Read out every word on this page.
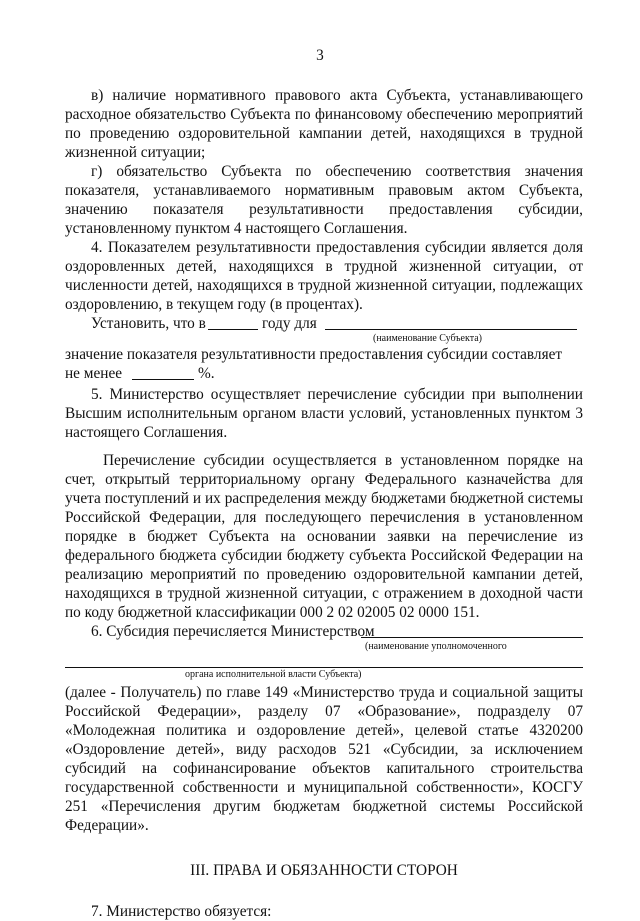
3

в) наличие нормативного правового акта Субъекта, устанавливающего расходное обязательство Субъекта по финансовому обеспечению мероприятий по проведению оздоровительной кампании детей, находящихся в трудной жизненной ситуации;

г) обязательство Субъекта по обеспечению соответствия значения показателя, устанавливаемого нормативным правовым актом Субъекта, значению показателя результативности предоставления субсидии, установленному пунктом 4 настоящего Соглашения.

4. Показателем результативности предоставления субсидии является доля оздоровленных детей, находящихся в трудной жизненной ситуации, от численности детей, находящихся в трудной жизненной ситуации, подлежащих оздоровлению, в текущем году (в процентах).

Установить, что в	году для
(наименование Субъекта)

значение показателя результативности предоставления субсидии составляет

не менее	%.

5. Министерство осуществляет перечисление субсидии при выполнении Высшим исполнительным органом власти условий, установленных пунктом 3 настоящего Соглашения.

Перечисление субсидии осуществляется в установленном порядке на счет, открытый территориальному органу Федерального казначейства для учета поступлений и их распределения между бюджетами бюджетной системы Российской Федерации, для последующего перечисления в установленном порядке в бюджет Субъекта на основании заявки на перечисление из федерального бюджета субсидии бюджету субъекта Российской Федерации на реализацию мероприятий по проведению оздоровительной кампании детей, находящихся в трудной жизненной ситуации, с отражением в доходной части по коду бюджетной классификации 000 2 02 02005 02 0000 151.

6. Субсидия перечисляется Министерством
(наименование уполномоченного
органа исполнительной власти Субъекта)

(далее - Получатель) по главе 149 «Министерство труда и социальной защиты Российской Федерации», разделу 07 «Образование», подразделу 07 «Молодежная политика и оздоровление детей», целевой статье 4320200 «Оздоровление детей», виду расходов 521 «Субсидии, за исключением субсидий на софинансирование объектов капитального строительства государственной собственности и муниципальной собственности», КОСГУ 251 «Перечисления другим бюджетам бюджетной системы Российской Федерации».

III. ПРАВА И ОБЯЗАННОСТИ СТОРОН

7. Министерство обязуется:
